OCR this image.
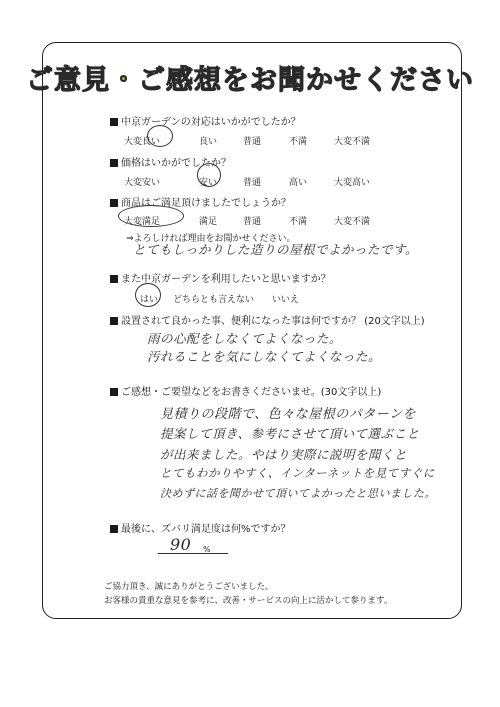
ご意見・ご感想をお聞かせください
中京ガーデンの対応はいかがでしたか？
大変良い	良い	普通	不満	大変不満
価格はいかがでしたか？
大変安い	安い	普通	高い	大変高い
商品はご満足頂けましたでしょうか？
大変満足	満足	普通	不満	大変不満
⇒よろしければ理由をお聞かせください。
とてもしっかりした造りの屋根でよかったです。
また中京ガーデンを利用したいと思いますか？
はい どちらとも言えない いいえ
設置されて良かった事、便利になった事は何ですか？ (20文字以上)
雨の心配をしなくてよくなった。
汚れることを気にしなくてよくなった。
ご感想・ご要望などをお書きくださいませ。(30文字以上)
見積りの段階で、色々な屋根のパターンを
提案して頂き、参考にさせて頂いて選ぶこと
が出来ました。やはり実際に説明を聞くと
とてもわかりやすく、インターネットを見てすぐに
決めずに話を聞かせて頂いてよかったと思いました。
最後に、ズバリ満足度は何%ですか？
90 %
ご協力頂き、誠にありがとうございました。
お客様の貴重な意見を参考に、改善・サービスの向上に活かして参ります。
